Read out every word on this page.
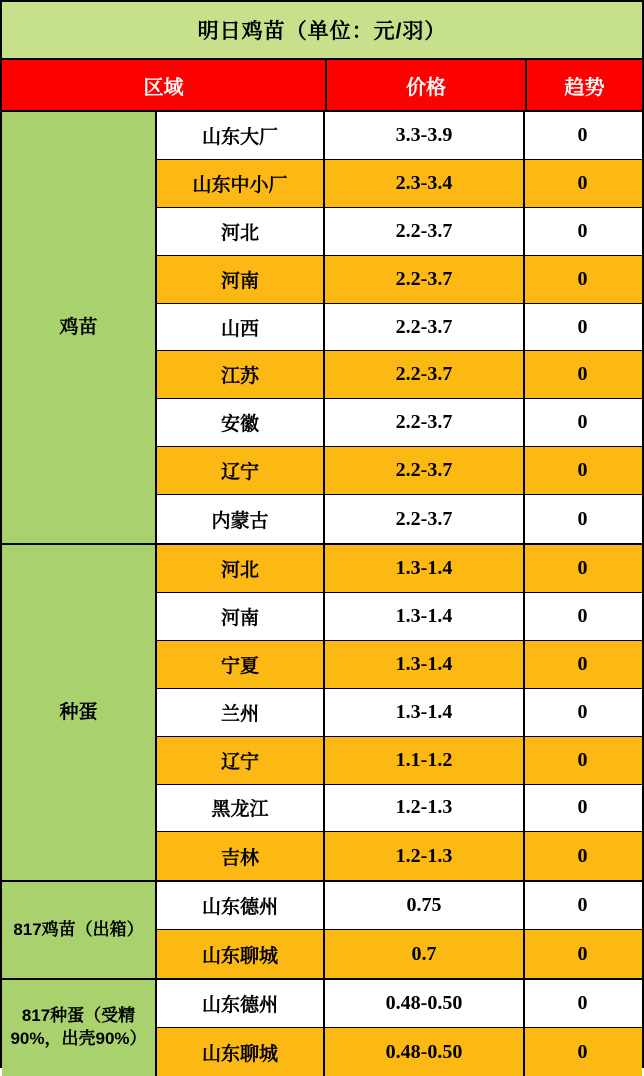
明日鸡苗（单位：元/羽）
区域	价格	趋势
鸡苗
山东大厂	3.3-3.9	0
山东中小厂	2.3-3.4	0
河北	2.2-3.7	0
河南	2.2-3.7	0
山西	2.2-3.7	0
江苏	2.2-3.7	0
安徽	2.2-3.7	0
辽宁	2.2-3.7	0
内蒙古	2.2-3.7	0
种蛋
河北	1.3-1.4	0
河南	1.3-1.4	0
宁夏	1.3-1.4	0
兰州	1.3-1.4	0
辽宁	1.1-1.2	0
黑龙江	1.2-1.3	0
吉林	1.2-1.3	0
817鸡苗（出箱）
山东德州	0.75	0
山东聊城	0.7	0
817种蛋（受精90%，出壳90%）
山东德州	0.48-0.50	0
山东聊城	0.48-0.50	0
